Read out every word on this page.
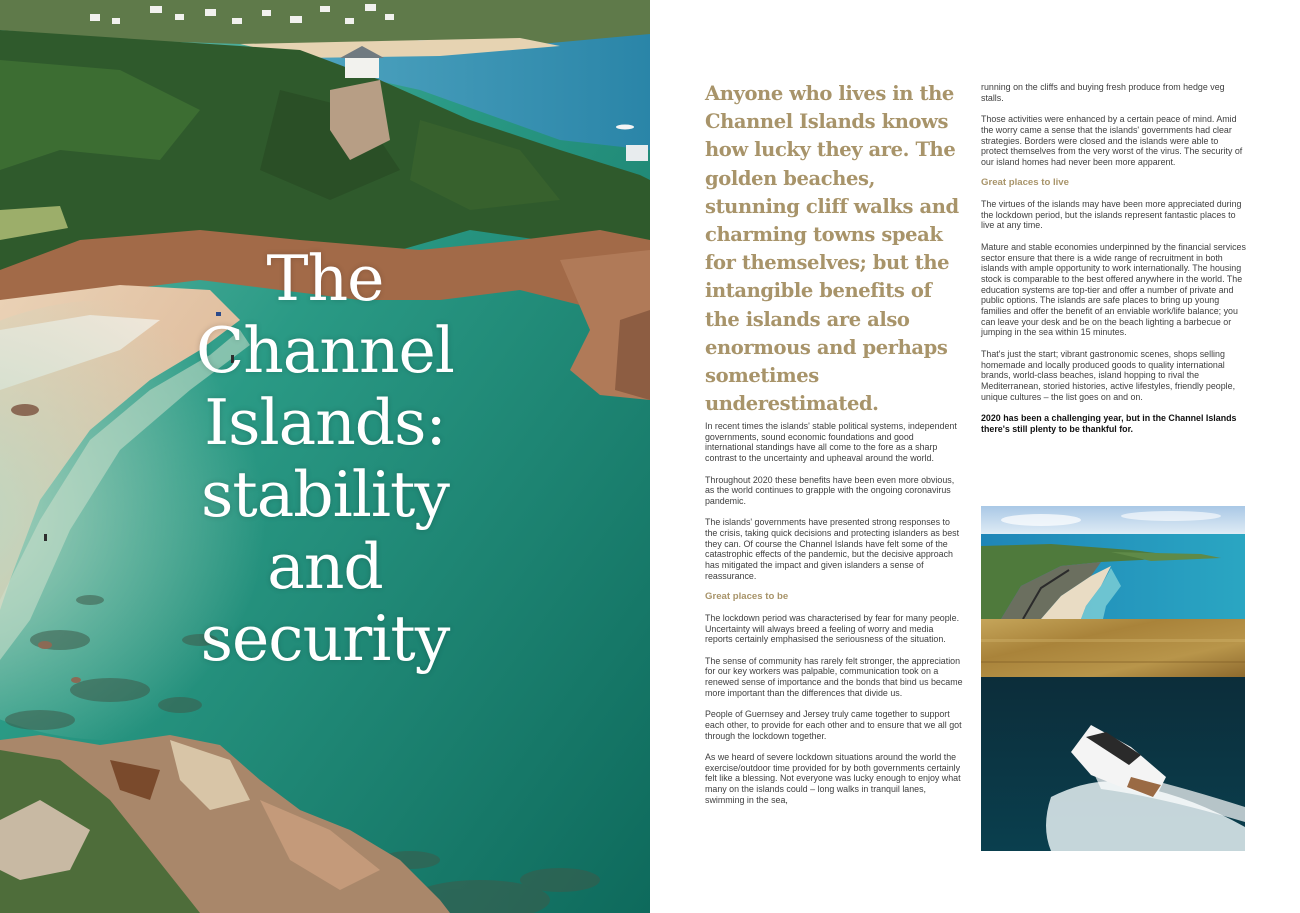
The
Channel
Islands:
stability
and
security
Anyone who lives in the Channel Islands knows how lucky they are. The golden beaches, stunning cliff walks and charming towns speak for themselves; but the intangible benefits of the islands are also enormous and perhaps sometimes underestimated.

In recent times the islands' stable political systems, independent governments, sound economic foundations and good international standings have all come to the fore as a sharp contrast to the uncertainty and upheaval around the world.

Throughout 2020 these benefits have been even more obvious, as the world continues to grapple with the ongoing coronavirus pandemic.

The islands' governments have presented strong responses to the crisis, taking quick decisions and protecting islanders as best they can. Of course the Channel Islands have felt some of the catastrophic effects of the pandemic, but the decisive approach has mitigated the impact and given islanders a sense of reassurance.

Great places to be

The lockdown period was characterised by fear for many people. Uncertainty will always breed a feeling of worry and media reports certainly emphasised the seriousness of the situation.

The sense of community has rarely felt stronger, the appreciation for our key workers was palpable, communication took on a renewed sense of importance and the bonds that bind us became more important than the differences that divide us.

People of Guernsey and Jersey truly came together to support each other, to provide for each other and to ensure that we all got through the lockdown together.

As we heard of severe lockdown situations around the world the exercise/outdoor time provided for by both governments certainly felt like a blessing. Not everyone was lucky enough to enjoy what many on the islands could – long walks in tranquil lanes, swimming in the sea,

running on the cliffs and buying fresh produce from hedge veg stalls.

Those activities were enhanced by a certain peace of mind. Amid the worry came a sense that the islands' governments had clear strategies. Borders were closed and the islands were able to protect themselves from the very worst of the virus. The security of our island homes had never been more apparent.

Great places to live

The virtues of the islands may have been more appreciated during the lockdown period, but the islands represent fantastic places to live at any time.

Mature and stable economies underpinned by the financial services sector ensure that there is a wide range of recruitment in both islands with ample opportunity to work internationally. The housing stock is comparable to the best offered anywhere in the world. The education systems are top-tier and offer a number of private and public options. The islands are safe places to bring up young families and offer the benefit of an enviable work/life balance; you can leave your desk and be on the beach lighting a barbecue or jumping in the sea within 15 minutes.

That's just the start; vibrant gastronomic scenes, shops selling homemade and locally produced goods to quality international brands, world-class beaches, island hopping to rival the Mediterranean, storied histories, active lifestyles, friendly people, unique cultures – the list goes on and on.

2020 has been a challenging year, but in the Channel Islands there's still plenty to be thankful for.
